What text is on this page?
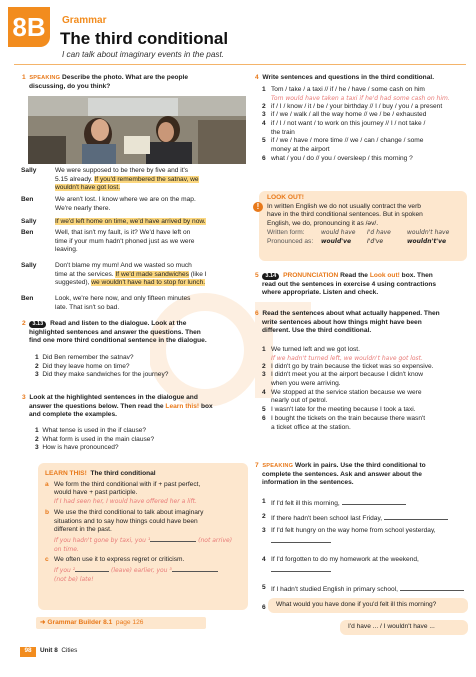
8B	Grammar
The third conditional
I can talk about imaginary events in the past.
1 SPEAKING Describe the photo. What are the people
discussing, do you think?
Sally	We were supposed to be there by five and it's
5.15 already. If you'd remembered the satnav, we
wouldn't have got lost.
Ben	We aren't lost. I know where we are on the map.
We're nearly there.
Sally	If we'd left home on time, we'd have arrived by now.
Ben	Well, that isn't my fault, is it? We'd have left on
time if your mum hadn't phoned just as we were
leaving.
Sally	Don't blame my mum! And we wasted so much
time at the services. If we'd made sandwiches (like I
suggested), we wouldn't have had to stop for lunch.
Ben	Look, we're here now, and only fifteen minutes
late. That isn't so bad.
2 3.13 Read and listen to the dialogue. Look at the
highlighted sentences and answer the questions. Then
find one more third conditional sentence in the dialogue.
1 Did Ben remember the satnav?
2 Did they leave home on time?
3 Did they make sandwiches for the journey?
3 Look at the highlighted sentences in the dialogue and
answer the questions below. Then read the Learn this! box
and complete the examples.
1 What tense is used in the if clause?
2 What form is used in the main clause?
3 How is have pronounced?
LEARN THIS! The third conditional
a We form the third conditional with if + past perfect,
would have + past participle.
If I had seen her, I would have offered her a lift.
b We use the third conditional to talk about imaginary
situations and to say how things could have been
different in the past.
If you hadn't gone by taxi, you ¹	(not arrive)
on time.
c We often use it to express regret or criticism.
If you ²	(leave) earlier, you ³
(not be) late!
➜ Grammar Builder 8.1 page 126
98	Unit 8 Cities
4 Write sentences and questions in the third conditional.
1 Tom / take / a taxi // if / he / have / some cash on him
Tom would have taken a taxi if he'd had some cash on him.
2 if / I / know / it / be / your birthday // I / buy / you / a present
3 if / we / walk / all the way home // we / be / exhausted
4 if / I / not want / to work on this journey // I / not take /
the train
5 if / we / have / more time // we / can / change / some
money at the airport
6 what / you / do // you / oversleep / this morning ?
!
LOOK OUT!
In written English we do not usually contract the verb
have in the third conditional sentences. But in spoken
English, we do, pronouncing it as /əv/.
Written form:	would have	I'd have	wouldn't have
Pronounced as:	would've	I'd've	wouldn't've
5 3.14 PRONUNCIATION Read the Look out! box. Then
read out the sentences in exercise 4 using contractions
where appropriate. Listen and check.
6 Read the sentences about what actually happened. Then
write sentences about how things might have been
different. Use the third conditional.
1 We turned left and we got lost.
If we hadn't turned left, we wouldn't have got lost.
2 I didn't go by train because the ticket was so expensive.
3 I didn't meet you at the airport because I didn't know
when you were arriving.
4 We stopped at the service station because we were
nearly out of petrol.
5 I wasn't late for the meeting because I took a taxi.
6 I bought the tickets on the train because there wasn't
a ticket office at the station.
7 SPEAKING Work in pairs. Use the third conditional to
complete the sentences. Ask and answer about the
information in the sentences.
1 If I'd felt ill this morning,
2 If there hadn't been school last Friday,
3 If I'd felt hungry on the way home from school yesterday,
4 If I'd forgotten to do my homework at the weekend,
5 If I hadn't studied English in primary school,
6	What would you have done if you'd felt ill this morning?
I'd have ... / I wouldn't have ...
